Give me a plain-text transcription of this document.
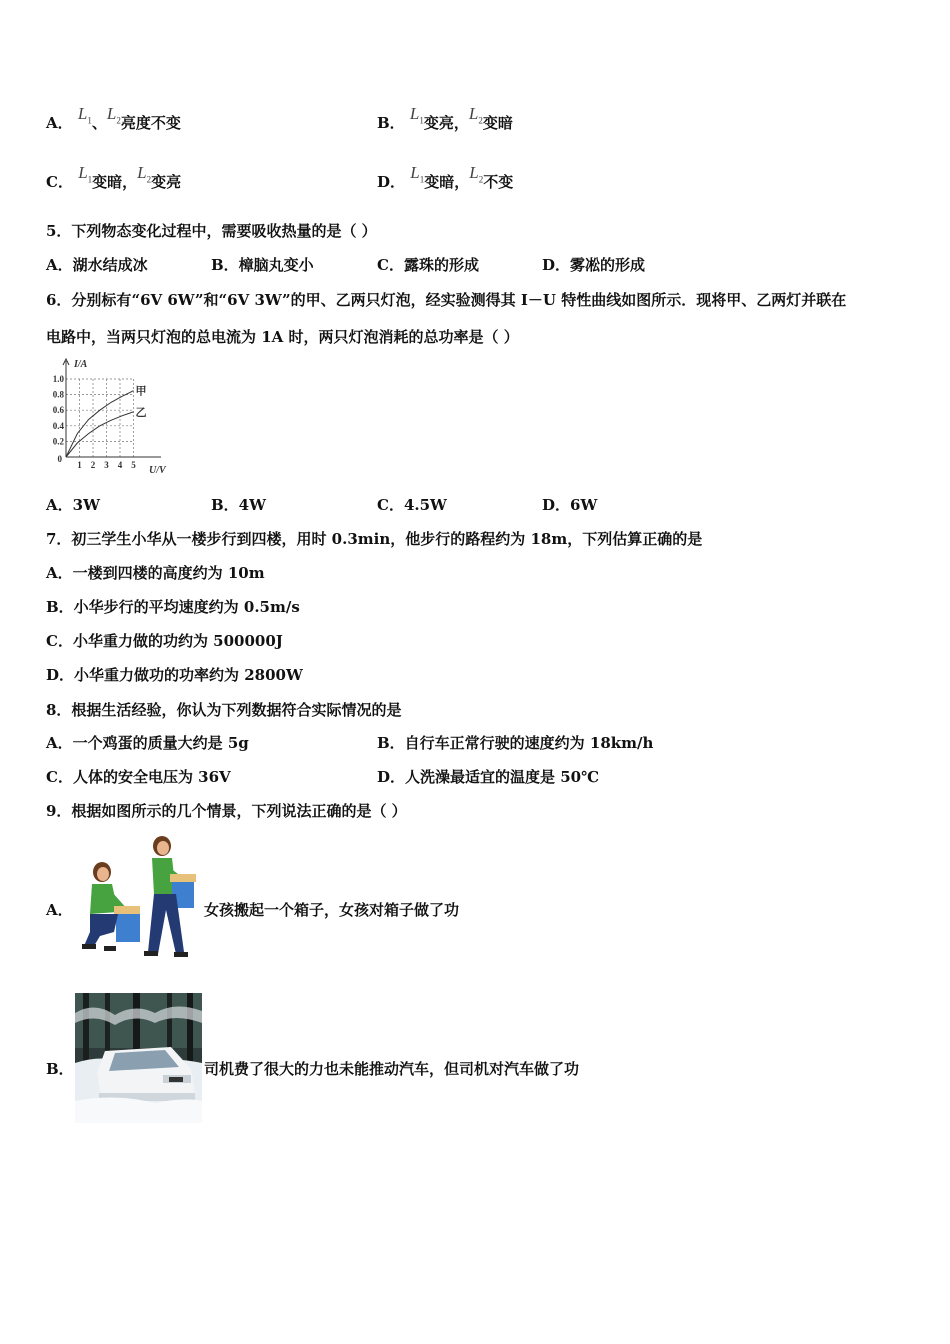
A． $L_1$、$L_2$亮度不变	B． $L_1$变亮，$L_2$变暗
C． $L_1$变暗，$L_2$变亮	D． $L_1$变暗，$L_2$不变
5．下列物态变化过程中，需要吸收热量的是（ ）
A．湖水结成冰	B．樟脑丸变小	C．露珠的形成	D．雾凇的形成
6．分别标有“6V 6W”和“6V 3W”的甲、乙两只灯泡，经实验测得其 I－U 特性曲线如图所示．现将甲、乙两灯并联在
电路中，当两只灯泡的总电流为 1A 时，两只灯泡消耗的总功率是（ ）
1 2 3 4 5
0.2
0.4
0.6
0.8
1.0
0
U/V
I/A
甲
乙
A．3W	B．4W	C．4.5W	D．6W
7．初三学生小华从一楼步行到四楼，用时 0.3min，他步行的路程约为 18m，下列估算正确的是
A．一楼到四楼的高度约为 10m
B．小华步行的平均速度约为 0.5m/s
C．小华重力做的功约为 500000J
D．小华重力做功的功率约为 2800W
8．根据生活经验，你认为下列数据符合实际情况的是
A．一个鸡蛋的质量大约是 5g	B．自行车正常行驶的速度约为 18km/h
C．人体的安全电压为 36V	D．人洗澡最适宜的温度是 50℃
9．根据如图所示的几个情景，下列说法正确的是（ ）
A．	女孩搬起一个箱子，女孩对箱子做了功
B．	司机费了很大的力也未能推动汽车，但司机对汽车做了功
